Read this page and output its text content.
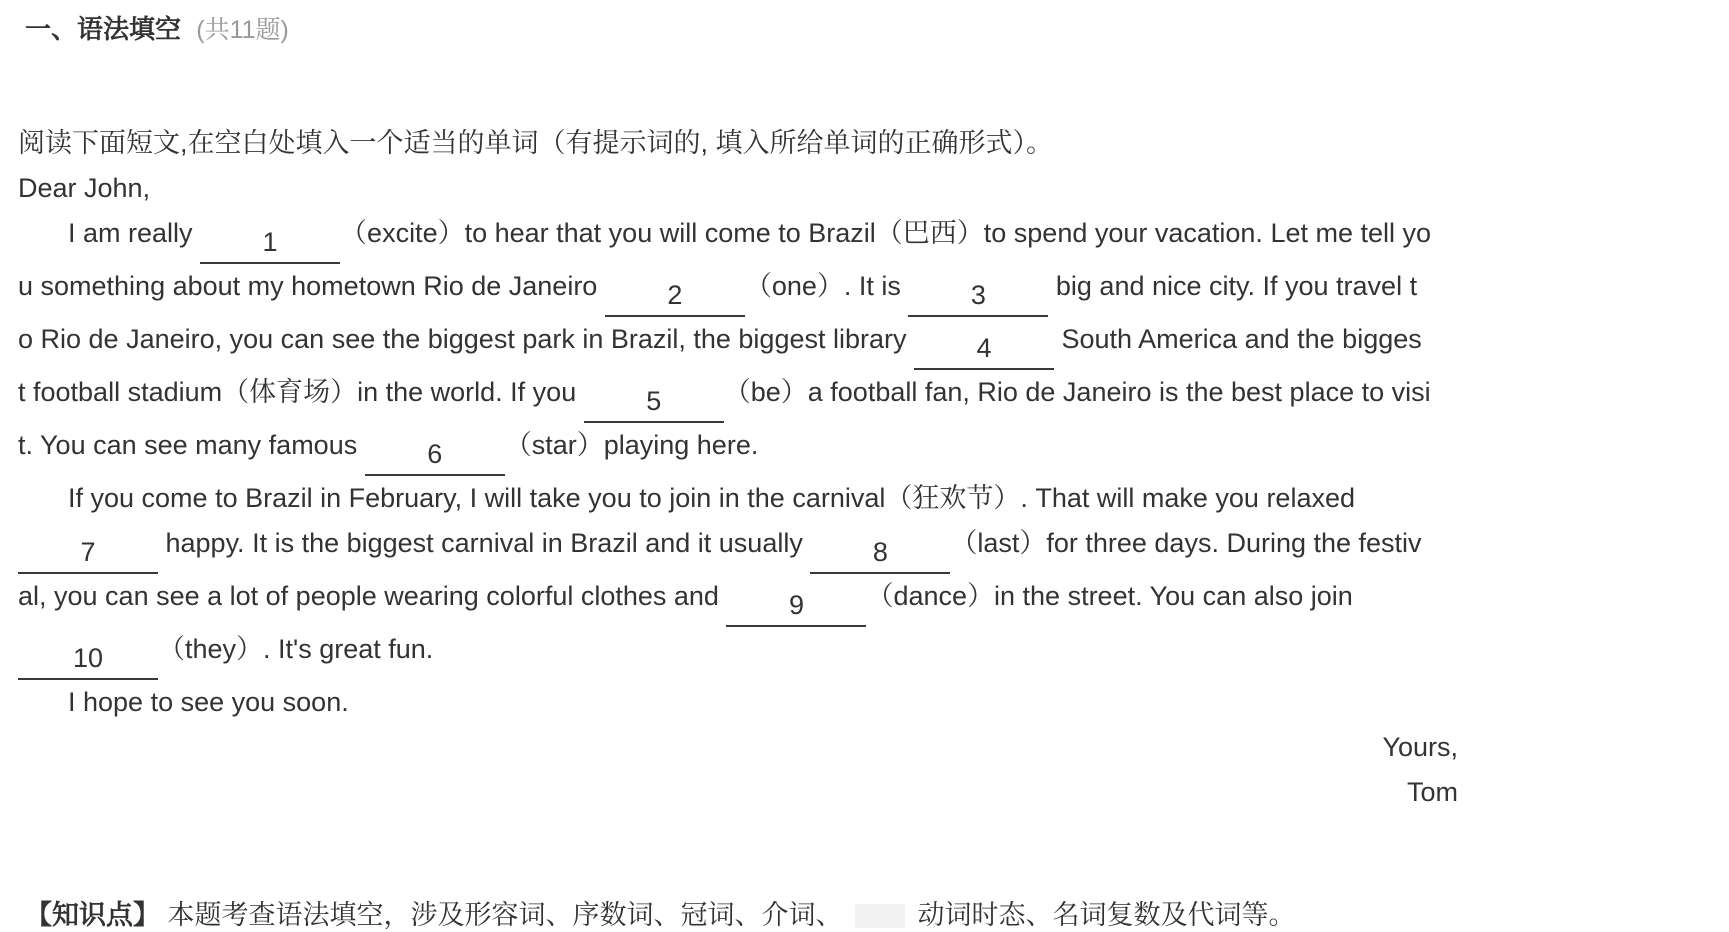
一、语法填空 (共11题)

阅读下面短文,在空白处填入一个适当的单词（有提示词的, 填入所给单词的正确形式）。

Dear John,
I am really 1 （excite）to hear that you will come to Brazil（巴西）to spend your vacation. Let me tell yo
u something about my hometown Rio de Janeiro 2 （one）. It is 3 big and nice city. If you travel t
o Rio de Janeiro, you can see the biggest park in Brazil, the biggest library 4 South America and the bigges
t football stadium（体育场）in the world. If you 5 （be）a football fan, Rio de Janeiro is the best place to visi
t. You can see many famous 6 （star）playing here.
If you come to Brazil in February, I will take you to join in the carnival（狂欢节）. That will make you relaxed
7 happy. It is the biggest carnival in Brazil and it usually 8 （last）for three days. During the festiv
al, you can see a lot of people wearing colorful clothes and 9 （dance）in the street. You can also join
10 （they）. It's great fun.
I hope to see you soon.
Yours,
Tom
【知识点】 本题考查语法填空，涉及形容词、序数词、冠词、介词、	动词时态、名词复数及代词等。
